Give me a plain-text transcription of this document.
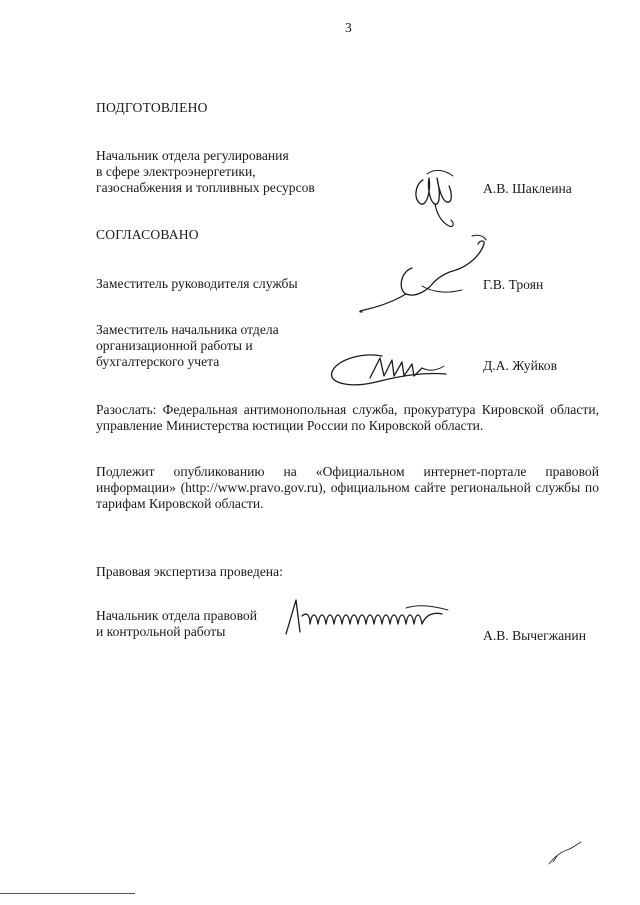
3
ПОДГОТОВЛЕНО
Начальник отдела регулирования
в сфере электроэнергетики,
газоснабжения и топливных ресурсов	А.В. Шаклеина
СОГЛАСОВАНО
Заместитель руководителя службы	Г.В. Троян
Заместитель начальника отдела
организационной работы и
бухгалтерского учета	Д.А. Жуйков
Разослать: Федеральная антимонопольная служба, прокуратура Кировской области, управление Министерства юстиции России по Кировской области.
Подлежит опубликованию на «Официальном интернет-портале правовой информации» (http://www.pravo.gov.ru), официальном сайте региональной службы по тарифам Кировской области.
Правовая экспертиза проведена:
Начальник отдела правовой
и контрольной работы	А.В. Вычегжанин
